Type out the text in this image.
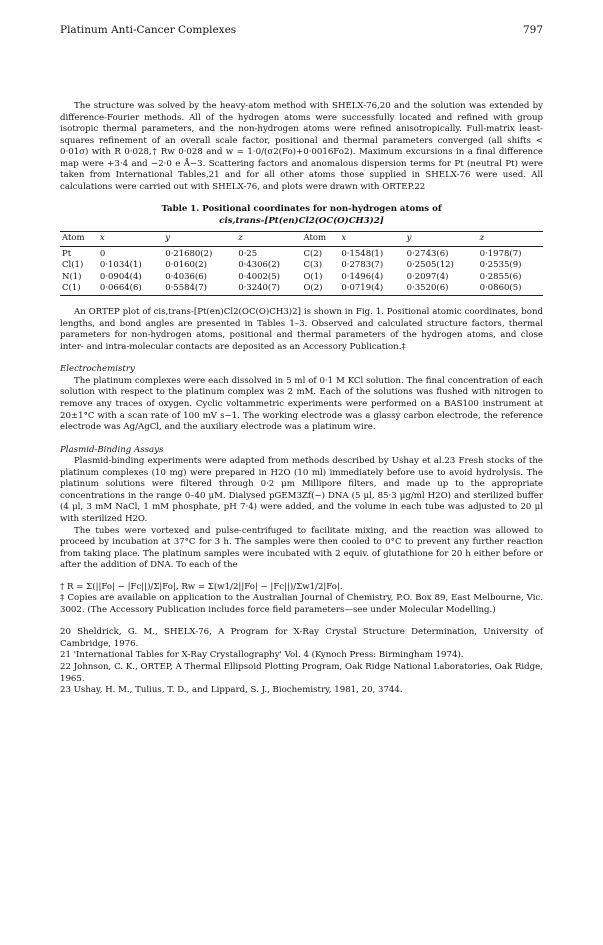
Platinum Anti-Cancer Complexes	797

The structure was solved by the heavy-atom method with SHELX-76,20 and the solution was extended by difference-Fourier methods. All of the hydrogen atoms were successfully located and refined with group isotropic thermal parameters, and the non-hydrogen atoms were refined anisotropically. Full-matrix least-squares refinement of an overall scale factor, positional and thermal parameters converged (all shifts < 0·01σ) with R 0·028,† Rw 0·028 and w = 1·0/(σ2(Fo)+0·0016Fo2). Maximum excursions in a final difference map were +3·4 and −2·0 e Å−3. Scattering factors and anomalous dispersion terms for Pt (neutral Pt) were taken from International Tables,21 and for all other atoms those supplied in SHELX-76 were used. All calculations were carried out with SHELX-76, and plots were drawn with ORTEP.22

Table 1. Positional coordinates for non-hydrogen atoms of
cis,trans-[Pt(en)Cl2(OC(O)CH3)2]
Atom	x	y	z	Atom	x	y	z
Pt	0	0·21680(2)	0·25	C(2)	0·1548(1)	0·2743(6)	0·1978(7)
Cl(1)	0·1034(1)	0·0160(2)	0·4306(2)	C(3)	0·2783(7)	0·2505(12)	0·2535(9)
N(1)	0·0904(4)	0·4036(6)	0·4002(5)	O(1)	0·1496(4)	0·2097(4)	0·2855(6)
C(1)	0·0664(6)	0·5584(7)	0·3240(7)	O(2)	0·0719(4)	0·3520(6)	0·0860(5)

An ORTEP plot of cis,trans-[Pt(en)Cl2(OC(O)CH3)2] is shown in Fig. 1. Positional atomic coordinates, bond lengths, and bond angles are presented in Tables 1–3. Observed and calculated structure factors, thermal parameters for non-hydrogen atoms, positional and thermal parameters of the hydrogen atoms, and close inter- and intra-molecular contacts are deposited as an Accessory Publication.‡

Electrochemistry

The platinum complexes were each dissolved in 5 ml of 0·1 M KCl solution. The final concentration of each solution with respect to the platinum complex was 2 mM. Each of the solutions was flushed with nitrogen to remove any traces of oxygen. Cyclic voltammetric experiments were performed on a BAS100 instrument at 20±1°C with a scan rate of 100 mV s−1. The working electrode was a glassy carbon electrode, the reference electrode was Ag/AgCl, and the auxiliary electrode was a platinum wire.

Plasmid-Binding Assays

Plasmid-binding experiments were adapted from methods described by Ushay et al.23 Fresh stocks of the platinum complexes (10 mg) were prepared in H2O (10 ml) immediately before use to avoid hydrolysis. The platinum solutions were filtered through 0·2 μm Millipore filters, and made up to the appropriate concentrations in the range 0–40 μM. Dialysed pGEM3Zf(−) DNA (5 μl, 85·3 μg/ml H2O) and sterilized buffer (4 μl, 3 mM NaCl, 1 mM phosphate, pH 7·4) were added, and the volume in each tube was adjusted to 20 μl with sterilized H2O.

The tubes were vortexed and pulse-centrifuged to facilitate mixing, and the reaction was allowed to proceed by incubation at 37°C for 3 h. The samples were then cooled to 0°C to prevent any further reaction from taking place. The platinum samples were incubated with 2 equiv. of glutathione for 20 h either before or after the addition of DNA. To each of the

† R = Σ(||Fo| − |Fc||)/Σ|Fo|, Rw = Σ(w1/2||Fo| − |Fc||)/Σw1/2|Fo|.

‡ Copies are available on application to the Australian Journal of Chemistry, P.O. Box 89, East Melbourne, Vic. 3002. (The Accessory Publication includes force field parameters—see under Molecular Modelling.)

20 Sheldrick, G. M., SHELX-76, A Program for X-Ray Crystal Structure Determination, University of Cambridge, 1976.

21 'International Tables for X-Ray Crystallography' Vol. 4 (Kynoch Press: Birmingham 1974).

22 Johnson, C. K., ORTEP, A Thermal Ellipsoid Plotting Program, Oak Ridge National Laboratories, Oak Ridge, 1965.

23 Ushay, H. M., Tulius, T. D., and Lippard, S. J., Biochemistry, 1981, 20, 3744.
